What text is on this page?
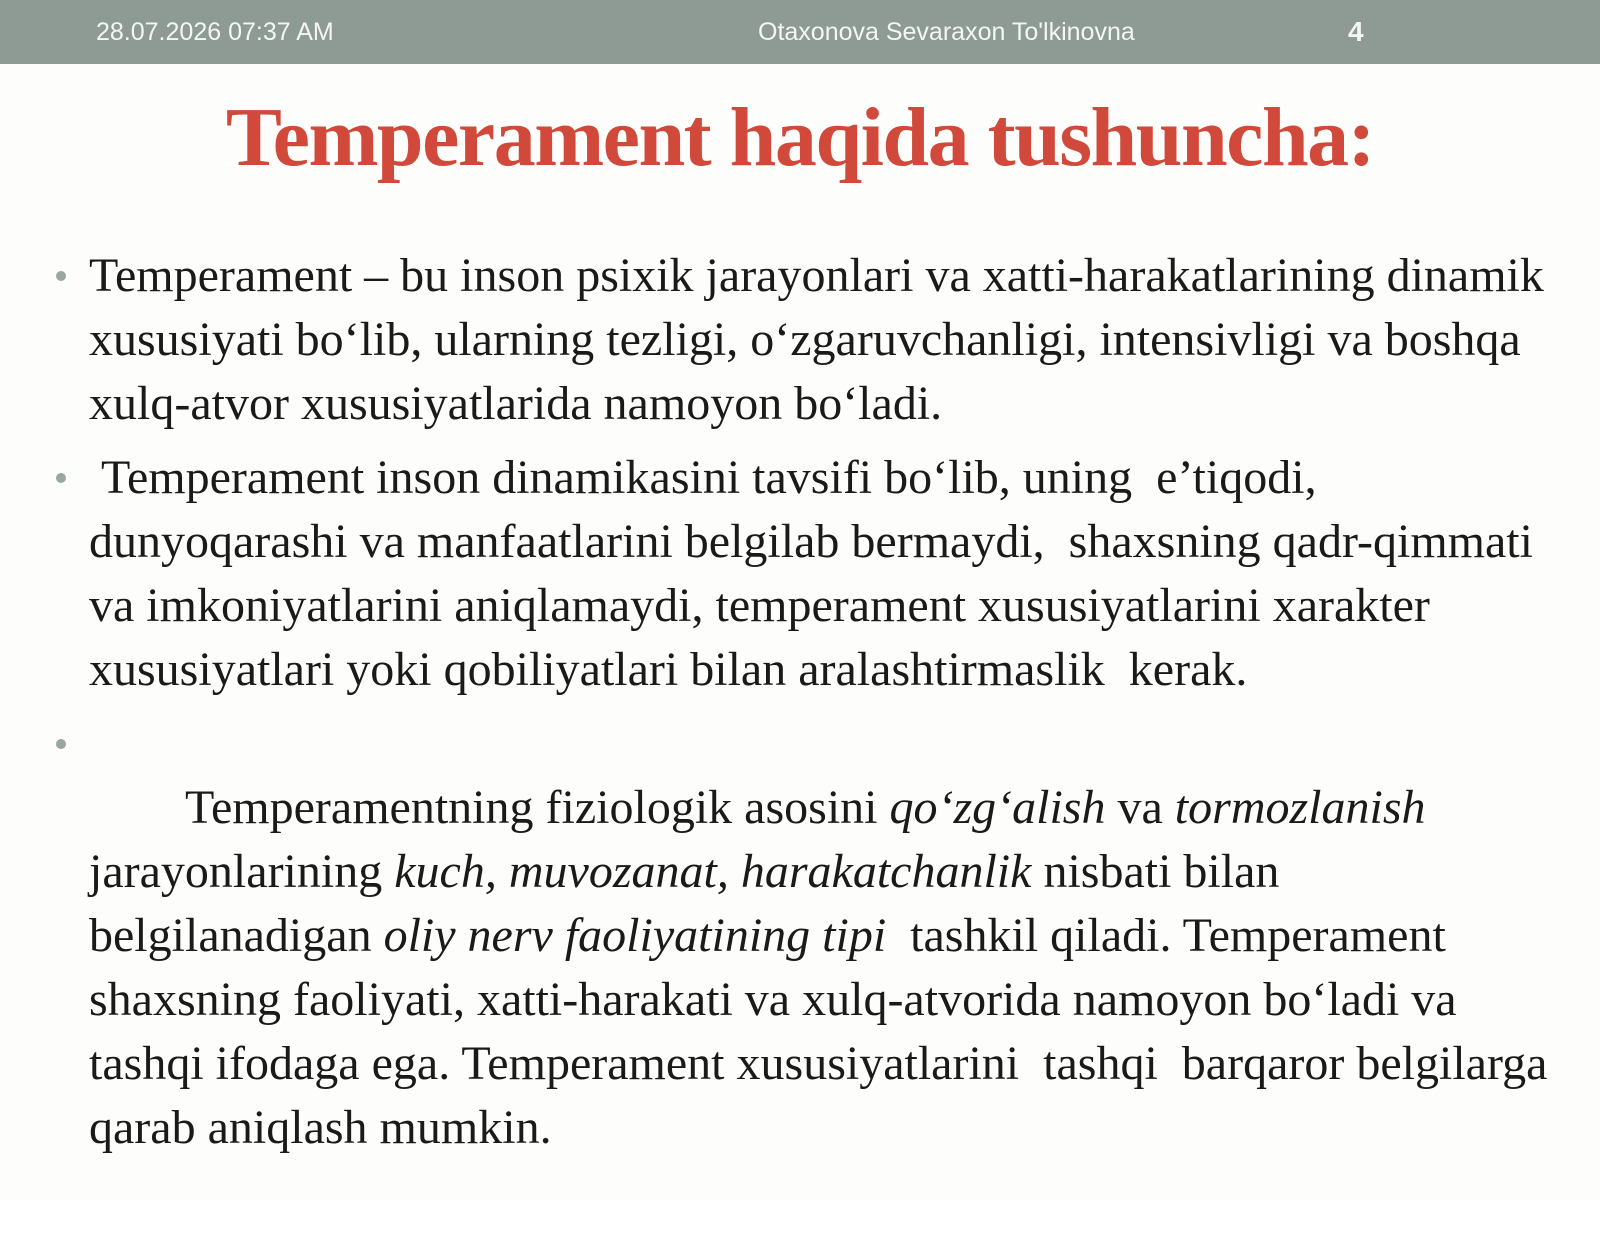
28.07.2026 07:37 AM	Otaxonova Sevaraxon To'lkinovna	4
Temperament haqida tushuncha:
Temperament – bu inson psixik jarayonlari va xatti-harakatlarining dinamik xususiyati bo‘lib, ularning tezligi, o‘zgaruvchanligi, intensivligi va boshqa xulq-atvor xususiyatlarida namoyon bo‘ladi.
Temperament inson dinamikasini tavsifi bo‘lib, uning  e’tiqodi, dunyoqarashi va manfaatlarini belgilab bermaydi,  shaxsning qadr-qimmati va imkoniyatlarini aniqlamaydi, temperament xususiyatlarini xarakter xususiyatlari yoki qobiliyatlari bilan aralashtirmaslik  kerak.

Temperamentning fiziologik asosini qo‘zg‘alish va tormozlanish jarayonlarining kuch, muvozanat, harakatchanlik nisbati bilan belgilanadigan oliy nerv faoliyatining tipi  tashkil qiladi. Temperament shaxsning faoliyati, xatti-harakati va xulq-atvorida namoyon bo‘ladi va tashqi ifodaga ega. Temperament xususiyatlarini  tashqi  barqaror belgilarga qarab aniqlash mumkin.
